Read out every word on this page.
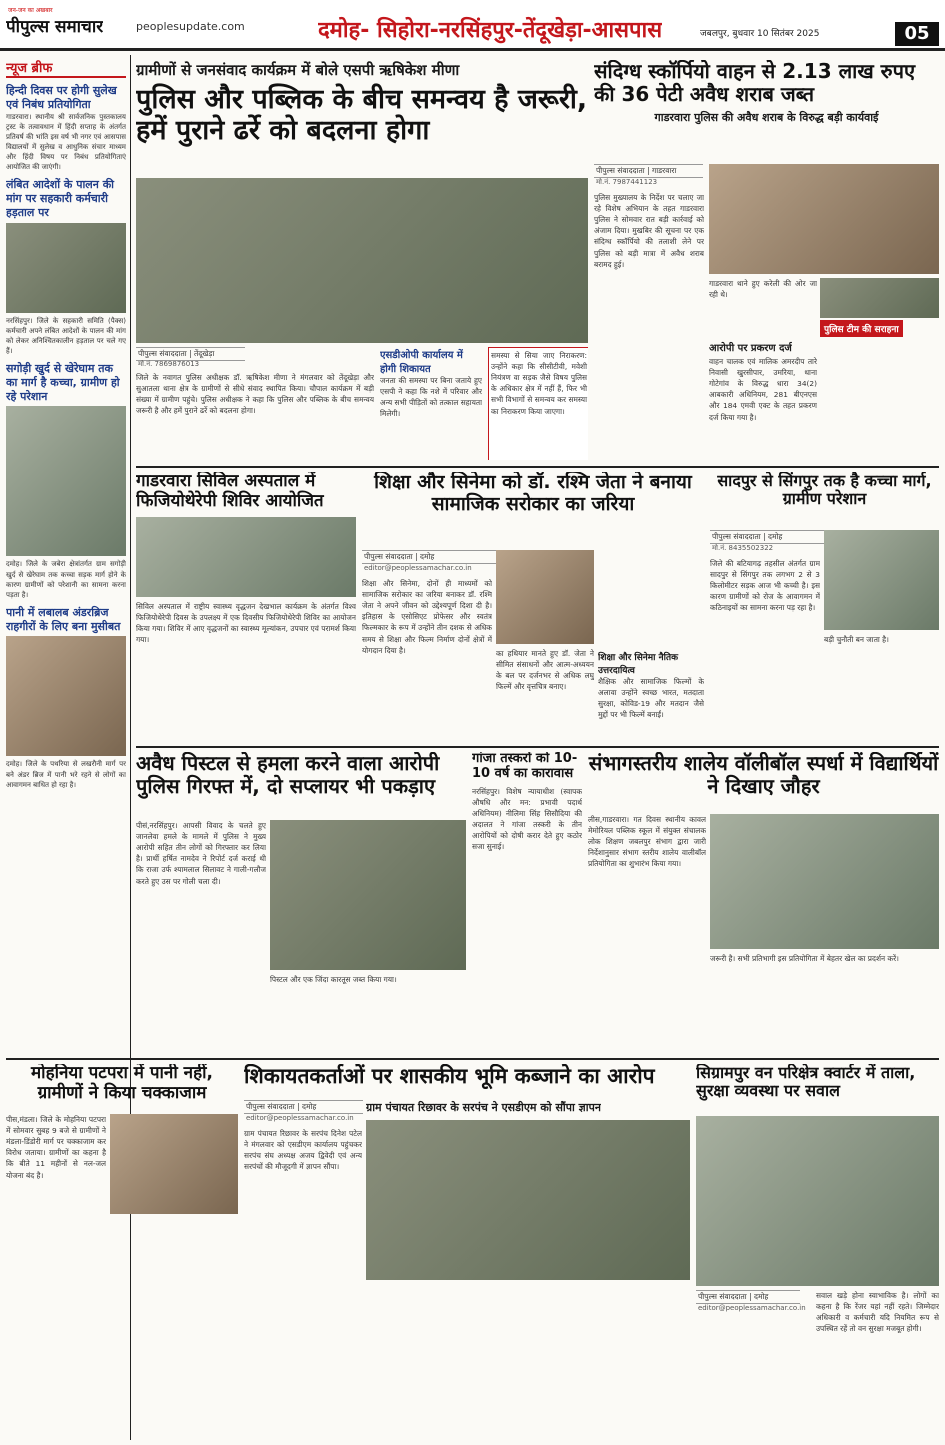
जन-जन का अखबार
पीपुल्स समाचार	peoplesupdate.com	दमोह- सिहोरा-नरसिंहपुर-तेंदूखेड़ा-आसपास	जबलपुर, बुधवार 10 सितंबर 2025	05
न्यूज ब्रीफ
हिन्दी दिवस पर होगी सुलेख एवं निबंध प्रतियोगिता
गाडरवारा। स्थानीय श्री सार्वजनिक पुस्तकालय ट्रस्ट के तत्वावधान में हिंदी सप्ताह के अंतर्गत प्रतिवर्ष की भांति इस वर्ष भी नगर एवं आसपास विद्यालयों में सुलेख व आधुनिक संचार माध्यम और हिंदी विषय पर निबंध प्रतियोगिताएं आयोजित की जाएंगी।
लंबित आदेशों के पालन की मांग पर सहकारी कर्मचारी हड़ताल पर
नरसिंहपुर। जिले के सहकारी समिति (पैक्स) कर्मचारी अपने लंबित आदेशों के पालन की मांग को लेकर अनिश्चितकालीन हड़ताल पर चले गए हैं।
सगोड़ी खुर्द से खेरेघाम तक का मार्ग है कच्चा, ग्रामीण हो रहे परेशान
दमोह। जिले के जबेरा क्षेत्रांतर्गत ग्राम सगोड़ी खुर्द से खेरेघाम तक कच्चा सड़क मार्ग होने के कारण ग्रामीणों को परेशानी का सामना करना पड़ता है।
पानी में लबालब अंडरब्रिज राहगीरों के लिए बना मुसीबत
दमोह। जिले के पथरिया से लखरौनी मार्ग पर बने अंडर ब्रिज में पानी भरे रहने से लोगों का आवागमन बाधित हो रहा है।
ग्रामीणों से जनसंवाद कार्यक्रम में बोले एसपी ऋषिकेश मीणा
पुलिस और पब्लिक के बीच समन्वय है जरूरी, हमें पुराने ढर्रे को बदलना होगा
पीपुल्स संवाददाता | तेंदूखेड़ा
मो.नं. 7869876013
जिले के नवागत पुलिस अधीक्षक डॉ. ऋषिकेश मीणा ने मंगलवार को तेंदूखेड़ा और सुआतला थाना क्षेत्र के ग्रामीणों से सीधे संवाद स्थापित किया। चौपाल कार्यक्रम में बड़ी संख्या में ग्रामीण पहुंचे। पुलिस अधीक्षक ने कहा कि पुलिस और पब्लिक के बीच समन्वय जरूरी है और हमें पुराने ढर्रे को बदलना होगा।
एसडीओपी कार्यालय में होगी शिकायत
जनता की समस्या पर बिना जताये हुए एसपी ने कहा कि नशे में परिवार और अन्य सभी पीड़ितों को तत्काल सहायता मिलेगी।
समस्या से सिया जाए निराकरण: उन्होंने कहा कि सीसीटीवी, मवेशी नियंत्रण वा सड़क जैसे विषय पुलिस के अधिकार क्षेत्र में नहीं हैं, फिर भी सभी विभागों से समन्वय कर समस्या का निराकरण किया जाएगा।
संदिग्ध स्कॉर्पियो वाहन से 2.13 लाख रुपए की 36 पेटी अवैध शराब जब्त
गाडरवारा पुलिस की अवैध शराब के विरुद्ध बड़ी कार्यवाई
पीपुल्स संवाददाता | गाडरवारा
मो.नं. 7987441123
पुलिस मुख्यालय के निर्देश पर चलाए जा रहे विशेष अभियान के तहत गाडरवारा पुलिस ने सोमवार रात बड़ी कार्रवाई को अंजाम दिया। मुखबिर की सूचना पर एक संदिग्ध स्कॉर्पियो की तलाशी लेने पर पुलिस को बड़ी मात्रा में अवैध शराब बरामद हुई।
गाडरवारा थाने हुए करेली की ओर जा रही थे।
पुलिस टीम की सराहना
आरोपी पर प्रकरण दर्ज
वाहन चालक एवं मालिक अमरदीप तारे निवासी खुरसीपार, उमरिया, थाना गोटेगांव के विरुद्ध धारा 34(2) आबकारी अधिनियम, 281 बीएनएस और 184 एमवी एक्ट के तहत प्रकरण दर्ज किया गया है।
गाडरवारा सिविल अस्पताल में फिजियोथेरेपी शिविर आयोजित
सिविल अस्पताल में राष्ट्रीय स्वास्थ्य वृद्धजन देखभाल कार्यक्रम के अंतर्गत विश्व फिजियोथेरेपी दिवस के उपलक्ष्य में एक दिवसीय फिजियोथेरेपी शिविर का आयोजन किया गया। शिविर में आए वृद्धजनों का स्वास्थ्य मूल्यांकन, उपचार एवं परामर्श किया गया।
शिक्षा और सिनेमा को डॉ. रश्मि जेता ने बनाया सामाजिक सरोकार का जरिया
पीपुल्स संवाददाता | दमोह
editor@peoplessamachar.co.in
शिक्षा और सिनेमा, दोनों ही माध्यमों को सामाजिक सरोकार का जरिया बनाकर डॉ. रश्मि जेता ने अपने जीवन को उद्देश्यपूर्ण दिशा दी है। इतिहास के एसोसिएट प्रोफेसर और स्वतंत्र फिल्मकार के रूप में उन्होंने तीन दशक से अधिक समय से शिक्षा और फिल्म निर्माण दोनों क्षेत्रों में योगदान दिया है।	का हथियार मानते हुए डॉ. जेता ने सीमित संसाधनों और आत्म-अध्ययन के बल पर दर्जनभर से अधिक लघु फिल्में और वृत्तचित्र बनाए।
शिक्षा और सिनेमा नैतिक उत्तरदायित्व
शैक्षिक और सामाजिक फिल्मों के अलावा उन्होंने स्वच्छ भारत, मतदाता सुरक्षा, कोविड-19 और मतदान जैसे मुद्दों पर भी फिल्में बनाईं।
सादपुर से सिंगपुर तक है कच्चा मार्ग, ग्रामीण परेशान
पीपुल्स संवाददाता | दमोह
मो.नं. 8435502322
जिले की बटियागढ़ तहसील अंतर्गत ग्राम सादपुर से सिंगपुर तक लगभग 2 से 3 किलोमीटर सड़क आज भी कच्ची है। इस कारण ग्रामीणों को रोज के आवागमन में कठिनाइयों का सामना करना पड़ रहा है।
बड़ी चुनौती बन जाता है।
अवैध पिस्टल से हमला करने वाला आरोपी पुलिस गिरफ्त में, दो सप्लायर भी पकड़ाए
पीसं,नरसिंहपुर। आपसी विवाद के चलते हुए जानलेवा हमले के मामले में पुलिस ने मुख्य आरोपी सहित तीन लोगों को गिरफ्तार कर लिया है। प्रार्थी हर्षित नामदेव ने रिपोर्ट दर्ज कराई थी कि राजा उर्फ श्यामलाल सिलावट ने गाली-गलौज करते हुए उस पर गोली चला दी।
पिस्टल और एक जिंदा कारतूस जब्त किया गया।
गांजा तस्करों को 10-10 वर्ष का कारावास
नरसिंहपुर। विशेष न्यायाधीश (स्वापक औषधि और मन: प्रभावी पदार्थ अधिनियम) नीलिमा सिंह सिसौदिया की अदालत ने गांजा तस्करी के तीन आरोपियों को दोषी करार देते हुए कठोर सजा सुनाई।
संभागस्तरीय शालेय वॉलीबॉल स्पर्धा में विद्यार्थियों ने दिखाए जौहर
लीस,गाडरवारा। गत दिवस स्थानीय कावल मेमोरियल पब्लिक स्कूल में संयुक्त संचालक लोक शिक्षण जबलपुर संभाग द्वारा जारी निर्देशानुसार संभाग स्तरीय शालेय वालीबॉल प्रतियोगिता का शुभारंभ किया गया।
जरूरी है। सभी प्रतिभागी इस प्रतियोगिता में बेहतर खेल का प्रदर्शन करें।
मोहनिया पटपरा में पानी नहीं, ग्रामीणों ने किया चक्काजाम
पीस,मंडला। जिले के मोहनिया पटपरा में सोमवार सुबह 9 बजे से ग्रामीणों ने मंडला-डिंडोरी मार्ग पर चक्काजाम कर विरोध जताया। ग्रामीणों का कहना है कि बीते 11 महीनों से नल-जल योजना बंद है।
शिकायतकर्ताओं पर शासकीय भूमि कब्जाने का आरोप
पीपुल्स संवाददाता | दमोह
editor@peoplessamachar.co.in
ग्राम पंचायत रिछावर के सरपंच ने एसडीएम को सौंपा ज्ञापन
ग्राम पंचायत रिछावर के सरपंच दिनेश पटेल ने मंगलवार को एसडीएम कार्यालय पहुंचकर सरपंच संघ अध्यक्ष अजय द्विवेदी एवं अन्य सरपंचों की मौजूदगी में ज्ञापन सौंपा।
सिग्रामपुर वन परिक्षेत्र क्वार्टर में ताला, सुरक्षा व्यवस्था पर सवाल
पीपुल्स संवाददाता | दमोह
editor@peoplessamachar.co.in
सवाल खड़े होना स्वाभाविक है। लोगों का कहना है कि रेंजर यहां नहीं रहते। जिम्मेदार अधिकारी व कर्मचारी यदि नियमित रूप से उपस्थित रहें तो वन सुरक्षा मजबूत होगी।
